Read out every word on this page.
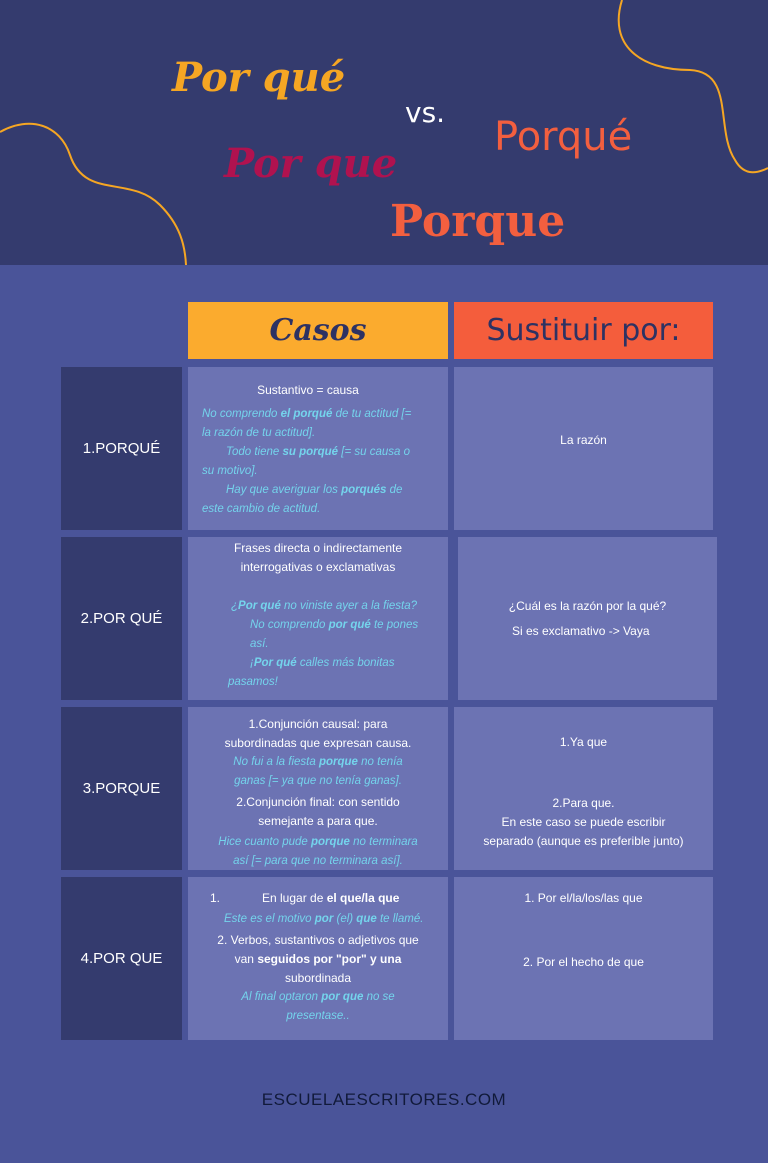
Por qué
vs.
Porqué
Por que
Porque
Casos	Sustituir por:
1.PORQUÉ
Sustantivo = causa
No comprendo el porqué de tu actitud [=
la razón de tu actitud].
Todo tiene su porqué [= su causa o
su motivo].
Hay que averiguar los porqués de
este cambio de actitud.
La razón
2.POR QUÉ
Frases directa o indirectamente
interrogativas o exclamativas
¿Por qué no viniste ayer a la fiesta?
No comprendo por qué te pones así.
¡Por qué calles más bonitas
pasamos!
¿Cuál es la razón por la qué?
Si es exclamativo -> Vaya
3.PORQUE
1.Conjunción causal: para
subordinadas que expresan causa.
No fui a la fiesta porque no tenía
ganas [= ya que no tenía ganas].
2.Conjunción final: con sentido
semejante a para que.
Hice cuanto pude porque no terminara
así [= para que no terminara así].
1.Ya que
2.Para que.
En este caso se puede escribir
separado (aunque es preferible junto)
4.POR QUE
1.	En lugar de el que/la que
Este es el motivo por (el) que te llamé.
2. Verbos, sustantivos o adjetivos que
van seguidos por "por" y una
subordinada
Al final optaron por que no se
presentase..
1. Por el/la/los/las que
2. Por el hecho de que
ESCUELAESCRITORES.COM
